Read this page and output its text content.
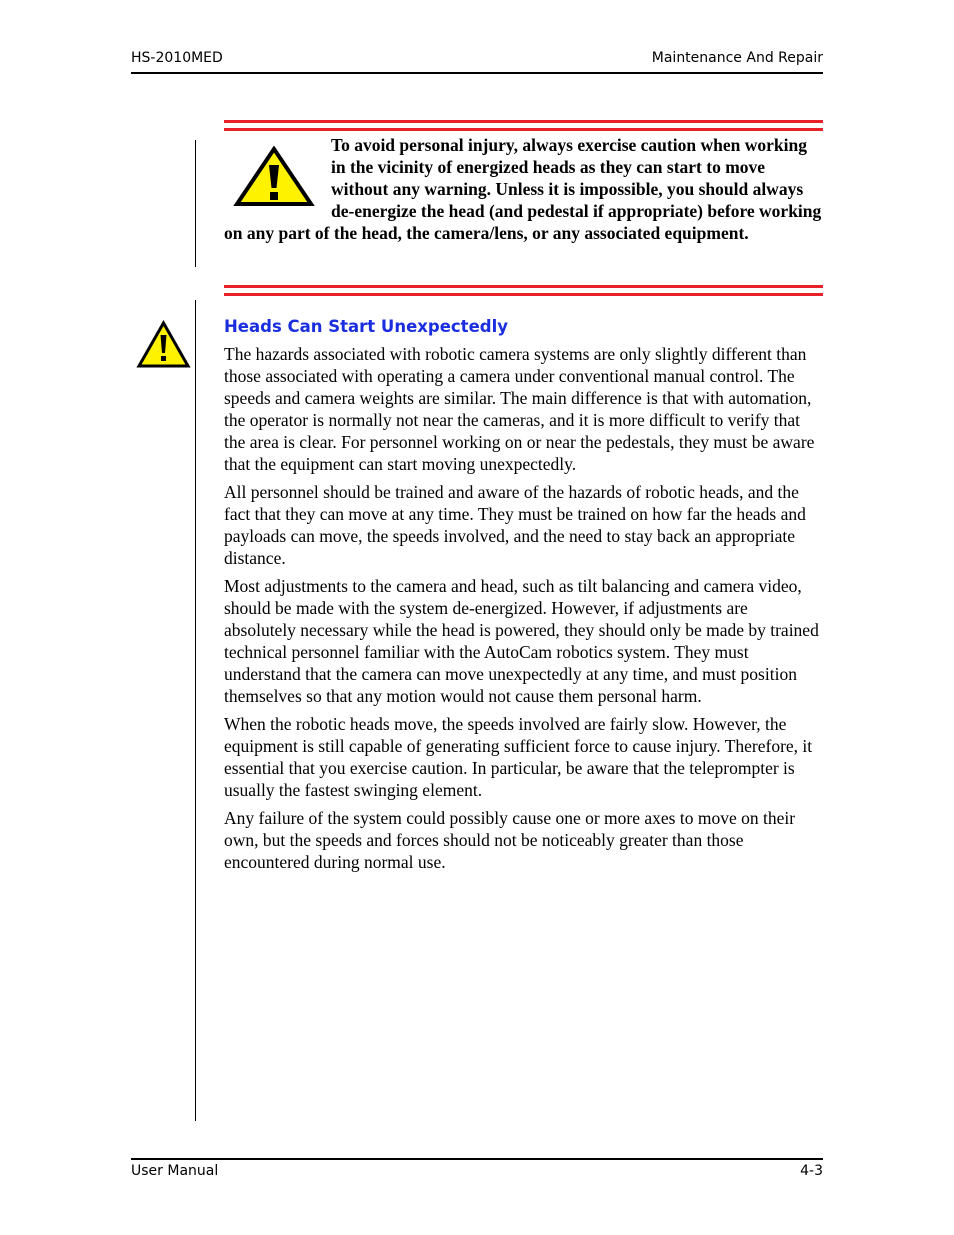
HS-2010MED	Maintenance And Repair
To avoid personal injury, always exercise caution when working in the vicinity of energized heads as they can start to move without any warning. Unless it is impossible, you should always de-energize the head (and pedestal if appropriate) before working on any part of the head, the camera/lens, or any associated equipment.
Heads Can Start Unexpectedly

The hazards associated with robotic camera systems are only slightly different than those associated with operating a camera under conventional manual control. The speeds and camera weights are similar. The main difference is that with automation, the operator is normally not near the cameras, and it is more difficult to verify that the area is clear. For personnel working on or near the pedestals, they must be aware that the equipment can start moving unexpectedly.

All personnel should be trained and aware of the hazards of robotic heads, and the fact that they can move at any time. They must be trained on how far the heads and payloads can move, the speeds involved, and the need to stay back an appropriate distance.

Most adjustments to the camera and head, such as tilt balancing and camera video, should be made with the system de-energized. However, if adjustments are absolutely necessary while the head is powered, they should only be made by trained technical personnel familiar with the AutoCam robotics system. They must understand that the camera can move unexpectedly at any time, and must position themselves so that any motion would not cause them personal harm.

When the robotic heads move, the speeds involved are fairly slow. However, the equipment is still capable of generating sufficient force to cause injury. Therefore, it essential that you exercise caution. In particular, be aware that the teleprompter is usually the fastest swinging element.

Any failure of the system could possibly cause one or more axes to move on their own, but the speeds and forces should not be noticeably greater than those encountered during normal use.

User Manual	4-3
